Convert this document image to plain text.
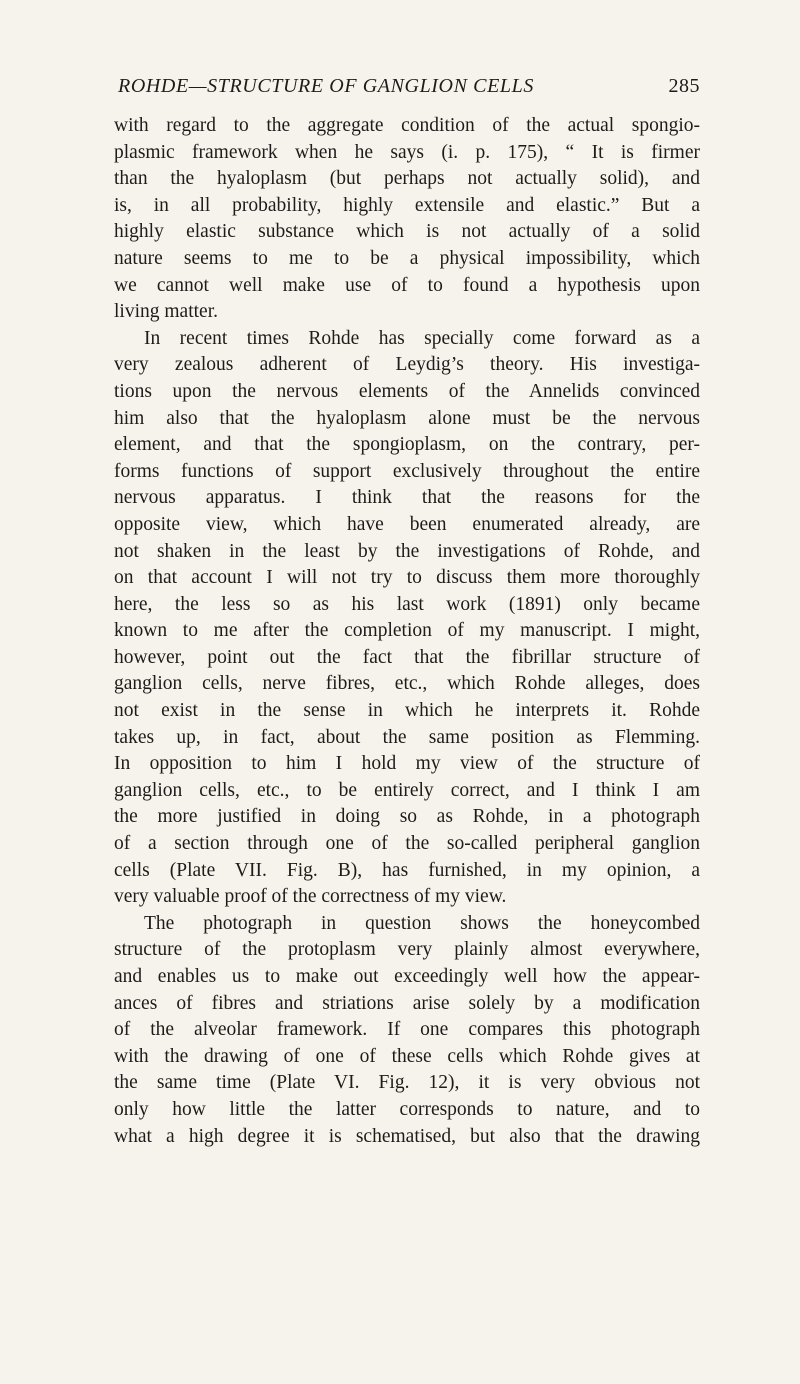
ROHDE—STRUCTURE OF GANGLION CELLS	285
with regard to the aggregate condition of the actual spongio-
plasmic framework when he says (i. p. 175), “ It is firmer
than the hyaloplasm (but perhaps not actually solid), and
is, in all probability, highly extensile and elastic.” But a
highly elastic substance which is not actually of a solid
nature seems to me to be a physical impossibility, which
we cannot well make use of to found a hypothesis upon
living matter.
In recent times Rohde has specially come forward as a
very zealous adherent of Leydig’s theory. His investiga-
tions upon the nervous elements of the Annelids convinced
him also that the hyaloplasm alone must be the nervous
element, and that the spongioplasm, on the contrary, per-
forms functions of support exclusively throughout the entire
nervous apparatus. I think that the reasons for the
opposite view, which have been enumerated already, are
not shaken in the least by the investigations of Rohde, and
on that account I will not try to discuss them more thoroughly
here, the less so as his last work (1891) only became
known to me after the completion of my manuscript. I might,
however, point out the fact that the fibrillar structure of
ganglion cells, nerve fibres, etc., which Rohde alleges, does
not exist in the sense in which he interprets it. Rohde
takes up, in fact, about the same position as Flemming.
In opposition to him I hold my view of the structure of
ganglion cells, etc., to be entirely correct, and I think I am
the more justified in doing so as Rohde, in a photograph
of a section through one of the so-called peripheral ganglion
cells (Plate VII. Fig. B), has furnished, in my opinion, a
very valuable proof of the correctness of my view.
The photograph in question shows the honeycombed
structure of the protoplasm very plainly almost everywhere,
and enables us to make out exceedingly well how the appear-
ances of fibres and striations arise solely by a modification
of the alveolar framework. If one compares this photograph
with the drawing of one of these cells which Rohde gives at
the same time (Plate VI. Fig. 12), it is very obvious not
only how little the latter corresponds to nature, and to
what a high degree it is schematised, but also that the drawing
